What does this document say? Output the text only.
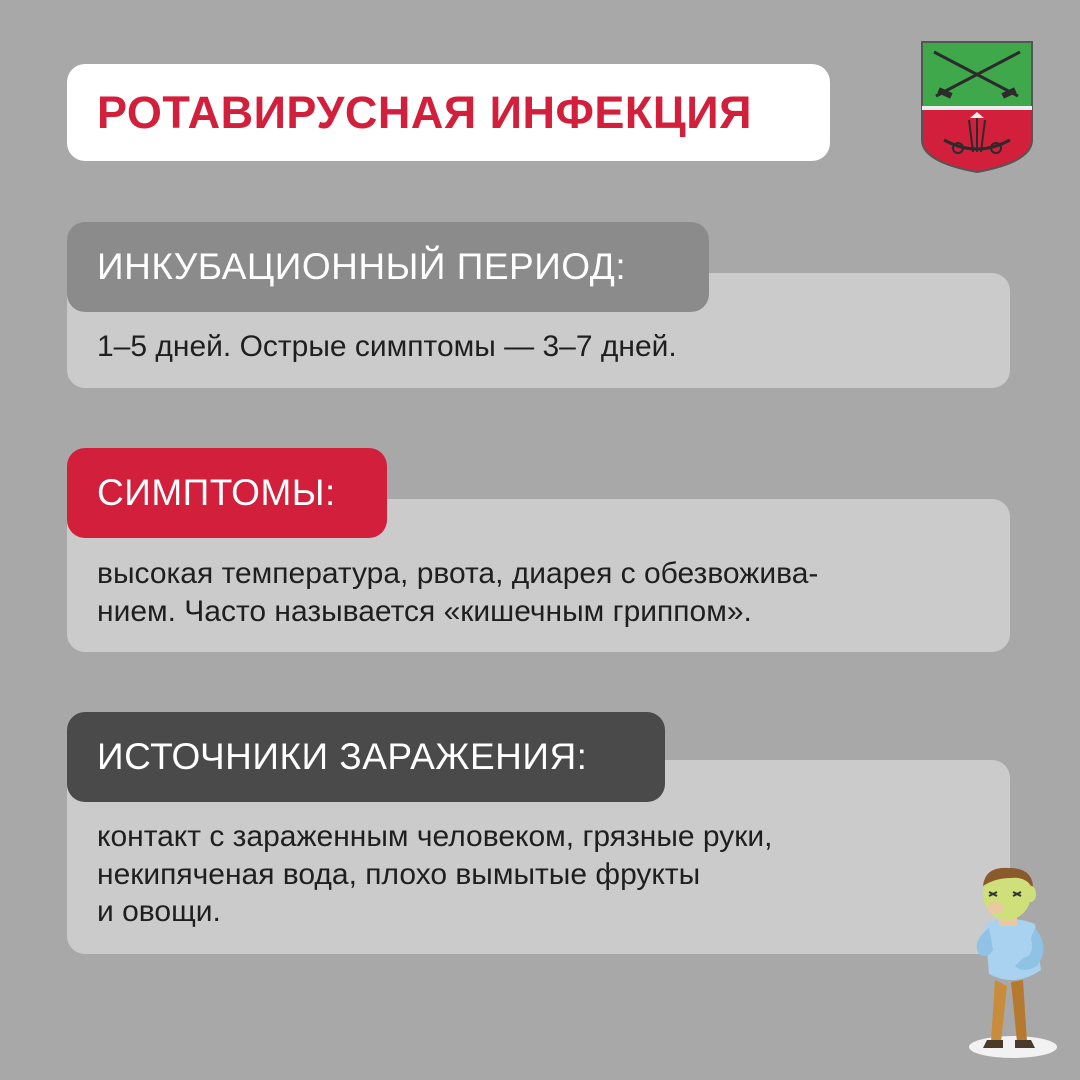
РОТАВИРУСНАЯ ИНФЕКЦИЯ
1–5 дней. Острые симптомы — 3–7 дней.
ИНКУБАЦИОННЫЙ ПЕРИОД:
высокая температура, рвота, диарея с обезвожива-
нием. Часто называется «кишечным гриппом».
СИМПТОМЫ:
контакт с зараженным человеком, грязные руки,
некипяченая вода, плохо вымытые фрукты
и овощи.
ИСТОЧНИКИ ЗАРАЖЕНИЯ:
